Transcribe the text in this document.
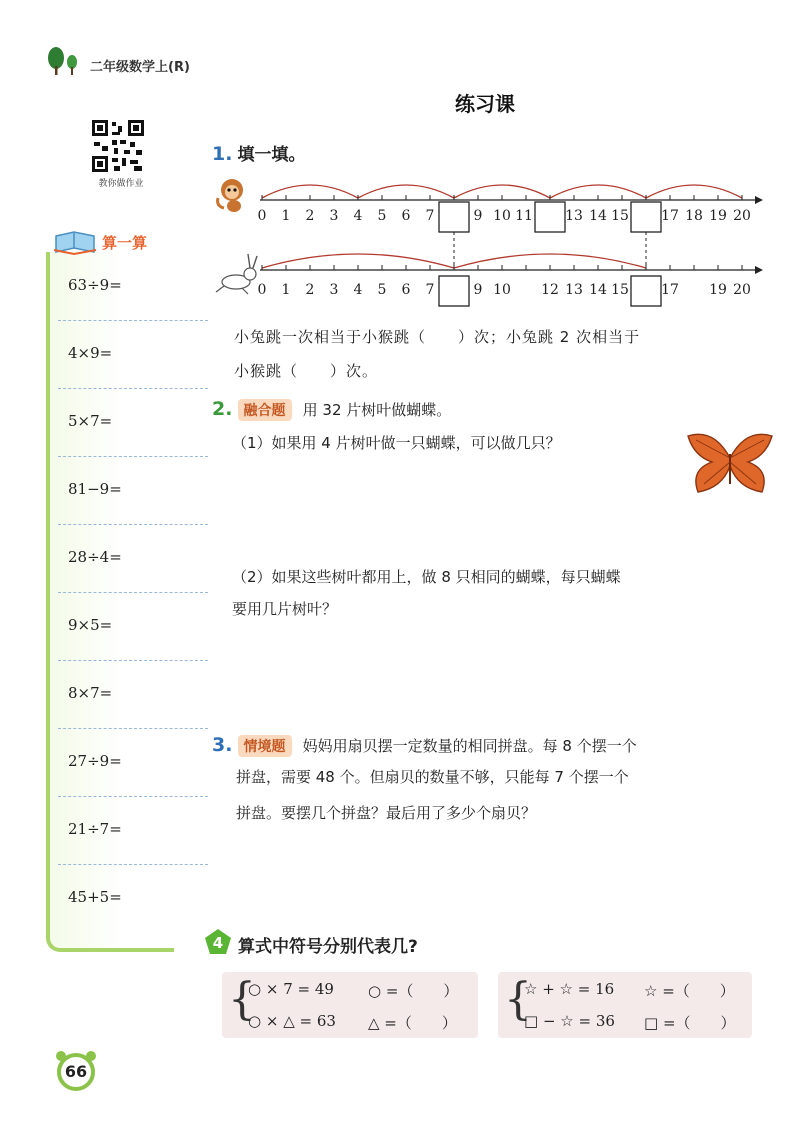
二年级数学上(R)
练习课
教你做作业
算一算
63÷9=
4×9=
5×7=
81−9=
28÷4=
9×5=
8×7=
27÷9=
21÷7=
45+5=
1. 填一填。
0 1 2 3 4 5 6 7	9 10 11 13 14 15 17 18 19 20
0 1 2 3 4 5 6 7	9 10 12 13 14 15 17 19 20
小兔跳一次相当于小猴跳（　　）次；小兔跳 2 次相当于
小猴跳（　　）次。
2. 融合题 用 32 片树叶做蝴蝶。
（1）如果用 4 片树叶做一只蝴蝶，可以做几只？
（2）如果这些树叶都用上，做 8 只相同的蝴蝶，每只蝴蝶
要用几片树叶？
3. 情境题 妈妈用扇贝摆一定数量的相同拼盘。每 8 个摆一个
拼盘，需要 48 个。但扇贝的数量不够，只能每 7 个摆一个
拼盘。要摆几个拼盘？最后用了多少个扇贝？
4 算式中符号分别代表几?
{
○ × 7 = 49 ○ =（　　）
○ × △ = 63 △ =（　　） {
☆ + ☆ = 16 ☆ =（　　）
□ − ☆ = 36 □ =（　　）
66
